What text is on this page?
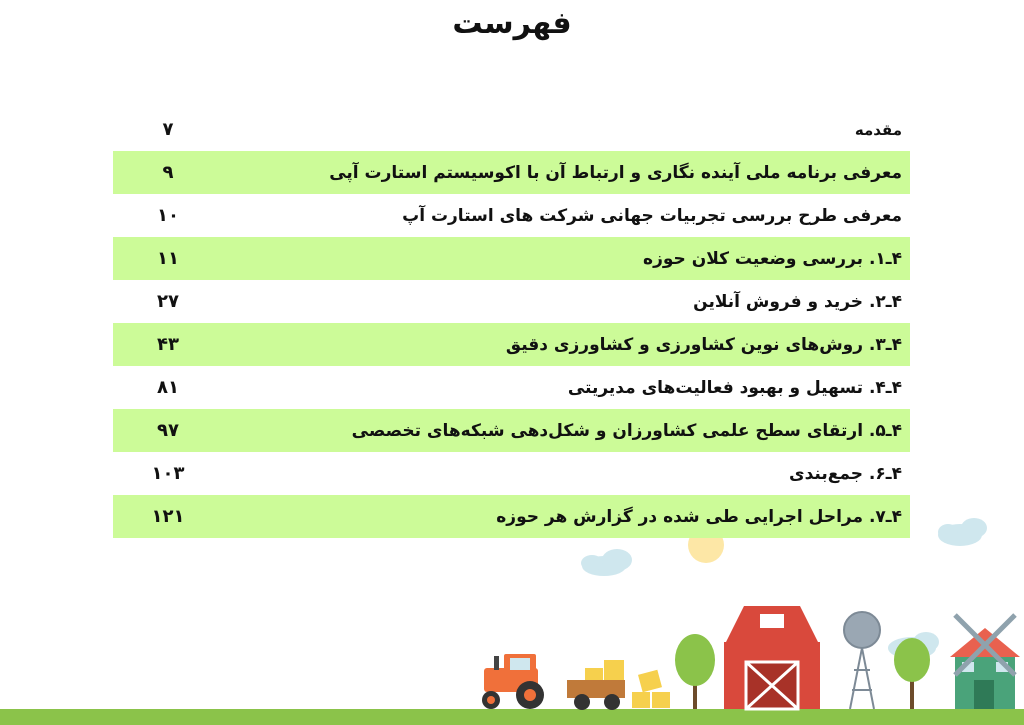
فهرست
مقدمه
۷
معرفی برنامه ملی آینده نگاری و ارتباط آن با اکوسیستم استارت آپی
۹
معرفی طرح بررسی تجربیات جهانی شرکت های استارت آپ
۱۰
۴ـ۱. بررسی وضعیت کلان حوزه
۱۱
۴ـ۲. خرید و فروش آنلاین
۲۷
۴ـ۳. روش‌های نوین کشاورزی و کشاورزی دقیق
۴۳
۴ـ۴. تسهیل و بهبود فعالیت‌های مدیریتی
۸۱
۴ـ۵. ارتقای سطح علمی کشاورزان و شکل‌دهی شبکه‌های تخصصی
۹۷
۴ـ۶. جمع‌بندی
۱۰۳
۴ـ۷. مراحل اجرایی طی شده در گزارش هر حوزه
۱۲۱
